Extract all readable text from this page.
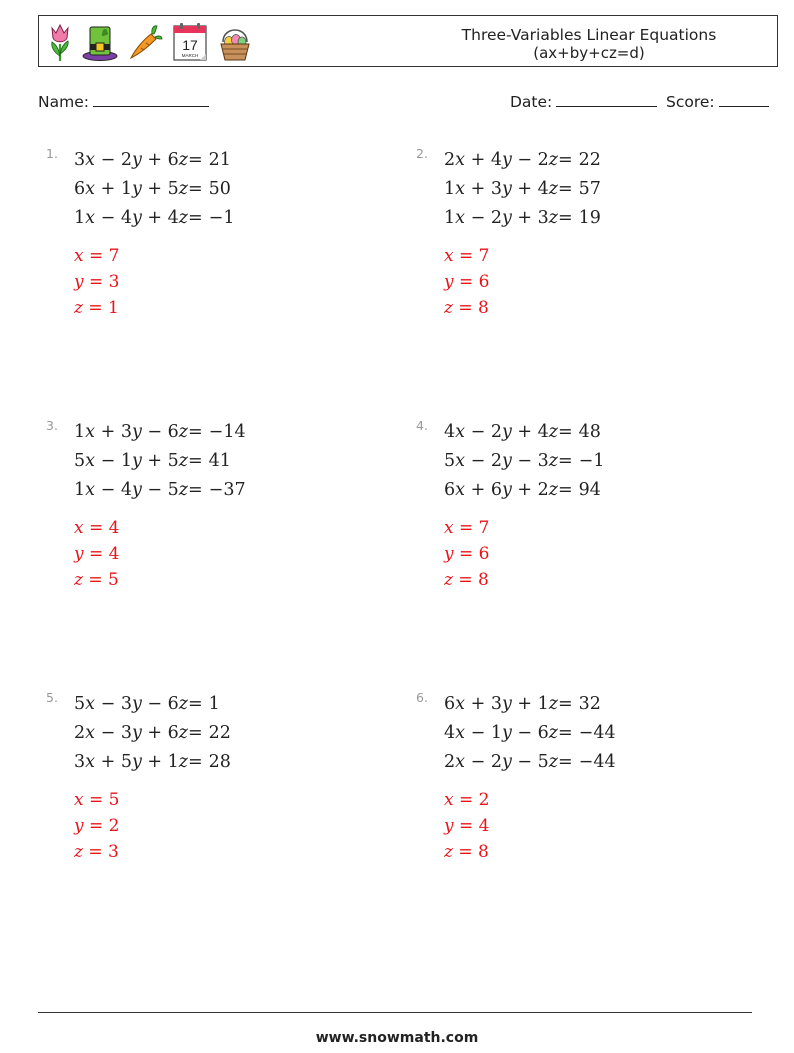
17
MARCH
Three-Variables Linear Equations
(ax+by+cz=d)
Name:	Date:	Score:
1. 3x − 2y + 6z = 21
6x + 1y + 5z = 50
1x − 4y + 4z = −1
x = 7
y = 3
z = 1
2. 2x + 4y − 2z = 22
1x + 3y + 4z = 57
1x − 2y + 3z = 19
x = 7
y = 6
z = 8
3. 1x + 3y − 6z = −14
5x − 1y + 5z = 41
1x − 4y − 5z = −37
x = 4
y = 4
z = 5
4. 4x − 2y + 4z = 48
5x − 2y − 3z = −1
6x + 6y + 2z = 94
x = 7
y = 6
z = 8
5. 5x − 3y − 6z = 1
2x − 3y + 6z = 22
3x + 5y + 1z = 28
x = 5
y = 2
z = 3
6. 6x + 3y + 1z = 32
4x − 1y − 6z = −44
2x − 2y − 5z = −44
x = 2
y = 4
z = 8
www.snowmath.com
